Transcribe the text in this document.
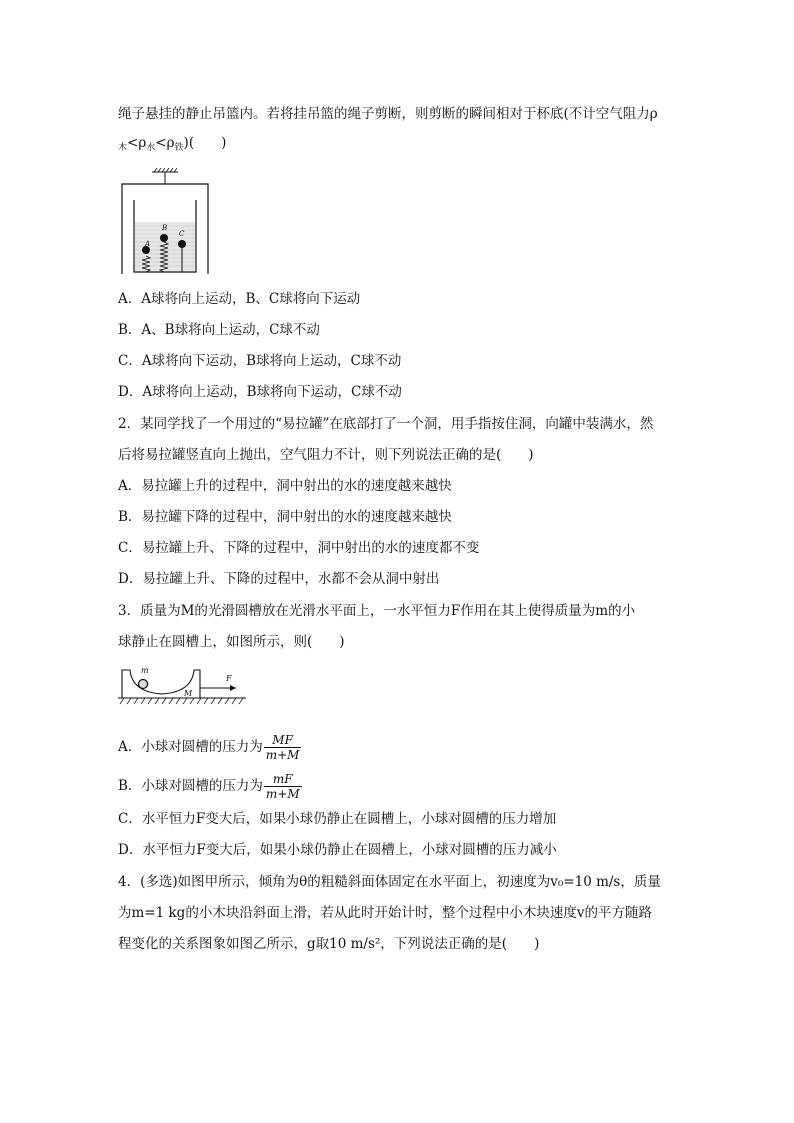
绳子悬挂的静止吊篮内。若将挂吊篮的绳子剪断，则剪断的瞬间相对于杯底(不计空气阻力ρ
$_木<\rho_水<\rho_铁$)(　　)
A
B
C
A．A球将向上运动，B、C球将向下运动
B．A、B球将向上运动，C球不动
C．A球将向下运动，B球将向上运动，C球不动
D．A球将向上运动，B球将向下运动，C球不动
2．某同学找了一个用过的“易拉罐”在底部打了一个洞，用手指按住洞，向罐中装满水，然
后将易拉罐竖直向上抛出，空气阻力不计，则下列说法正确的是(　　)
A．易拉罐上升的过程中，洞中射出的水的速度越来越快
B．易拉罐下降的过程中，洞中射出的水的速度越来越快
C．易拉罐上升、下降的过程中，洞中射出的水的速度都不变
D．易拉罐上升、下降的过程中，水都不会从洞中射出
3．质量为M的光滑圆槽放在光滑水平面上，一水平恒力F作用在其上使得质量为m的小
球静止在圆槽上，如图所示，则(　　)
m
M
F
A．小球对圆槽的压力为 $\frac{MF}{m+M}$
B．小球对圆槽的压力为 $\frac{mF}{m+M}$
C．水平恒力F变大后，如果小球仍静止在圆槽上，小球对圆槽的压力增加
D．水平恒力F变大后，如果小球仍静止在圆槽上，小球对圆槽的压力减小
4．(多选)如图甲所示，倾角为θ的粗糙斜面体固定在水平面上，初速度为v₀=10 m/s，质量
为m=1 kg的小木块沿斜面上滑，若从此时开始计时，整个过程中小木块速度v的平方随路
程变化的关系图象如图乙所示，g取10 m/s²，下列说法正确的是(　　)
